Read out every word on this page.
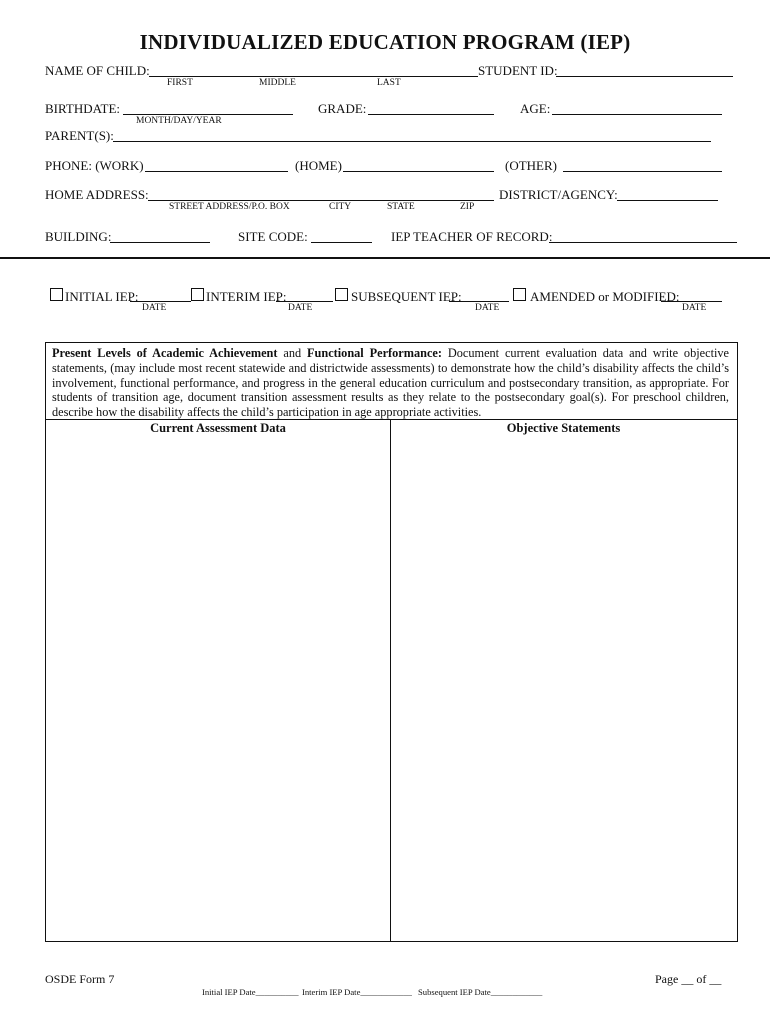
INDIVIDUALIZED EDUCATION PROGRAM (IEP)
NAME OF CHILD:	STUDENT ID:
FIRST	MIDDLE	LAST
BIRTHDATE:	GRADE:	AGE:
MONTH/DAY/YEAR
PARENT(S):
PHONE: (WORK)	(HOME)	(OTHER)
HOME ADDRESS:	DISTRICT/AGENCY:
STREET ADDRESS/P.O. BOX	CITY	STATE	ZIP
BUILDING:	SITE CODE:	IEP TEACHER OF RECORD:
INITIAL IEP:
DATE
INTERIM IEP:
DATE
SUBSEQUENT IEP:
DATE
AMENDED or MODIFIED:
DATE
Present Levels of Academic Achievement and Functional Performance: Document current evaluation data and write objective statements, (may include most recent statewide and districtwide assessments) to demonstrate how the child’s disability affects the child’s involvement, functional performance, and progress in the general education curriculum and postsecondary transition, as appropriate. For students of transition age, document transition assessment results as they relate to the postsecondary goal(s). For preschool children, describe how the disability affects the child’s participation in age appropriate activities.
Current Assessment Data	Objective Statements
OSDE Form 7	Page __ of __
Initial IEP Date__________ Interim IEP Date____________ Subsequent IEP Date____________
